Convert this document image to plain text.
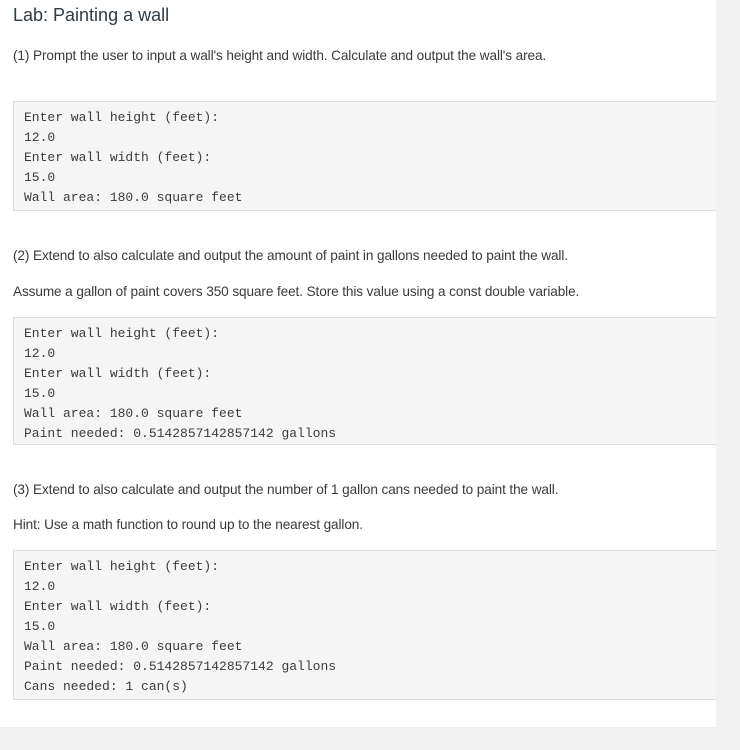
Lab: Painting a wall
(1) Prompt the user to input a wall's height and width. Calculate and output the wall's area.
Enter wall height (feet):
12.0
Enter wall width (feet):
15.0
Wall area: 180.0 square feet
(2) Extend to also calculate and output the amount of paint in gallons needed to paint the wall.
Assume a gallon of paint covers 350 square feet. Store this value using a const double variable.
Enter wall height (feet):
12.0
Enter wall width (feet):
15.0
Wall area: 180.0 square feet
Paint needed: 0.5142857142857142 gallons
(3) Extend to also calculate and output the number of 1 gallon cans needed to paint the wall.
Hint: Use a math function to round up to the nearest gallon.
Enter wall height (feet):
12.0
Enter wall width (feet):
15.0
Wall area: 180.0 square feet
Paint needed: 0.5142857142857142 gallons
Cans needed: 1 can(s)
